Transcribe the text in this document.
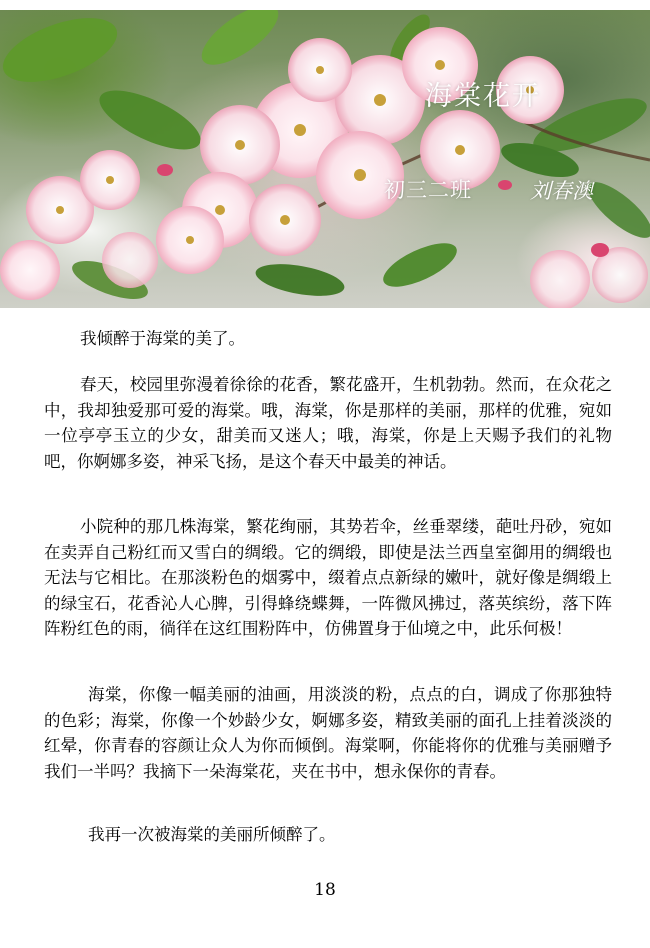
海棠花开
初三二班	刘春澳

我倾醉于海棠的美了。

春天，校园里弥漫着徐徐的花香，繁花盛开，生机勃勃。然而，在众花之中，我却独爱那可爱的海棠。哦，海棠，你是那样的美丽，那样的优雅，宛如一位亭亭玉立的少女，甜美而又迷人；哦，海棠，你是上天赐予我们的礼物吧，你婀娜多姿，神采飞扬，是这个春天中最美的神话。

小院种的那几株海棠，繁花绚丽，其势若伞，丝垂翠缕，葩吐丹砂，宛如在卖弄自己粉红而又雪白的绸缎。它的绸缎，即使是法兰西皇室御用的绸缎也无法与它相比。在那淡粉色的烟雾中，缀着点点新绿的嫩叶，就好像是绸缎上的绿宝石，花香沁人心脾，引得蜂绕蝶舞，一阵微风拂过，落英缤纷，落下阵阵粉红色的雨，徜徉在这红围粉阵中，仿佛置身于仙境之中，此乐何极！

海棠，你像一幅美丽的油画，用淡淡的粉，点点的白，调成了你那独特的色彩；海棠，你像一个妙龄少女，婀娜多姿，精致美丽的面孔上挂着淡淡的红晕，你青春的容颜让众人为你而倾倒。海棠啊，你能将你的优雅与美丽赠予我们一半吗？我摘下一朵海棠花，夹在书中，想永保你的青春。

我再一次被海棠的美丽所倾醉了。

18
